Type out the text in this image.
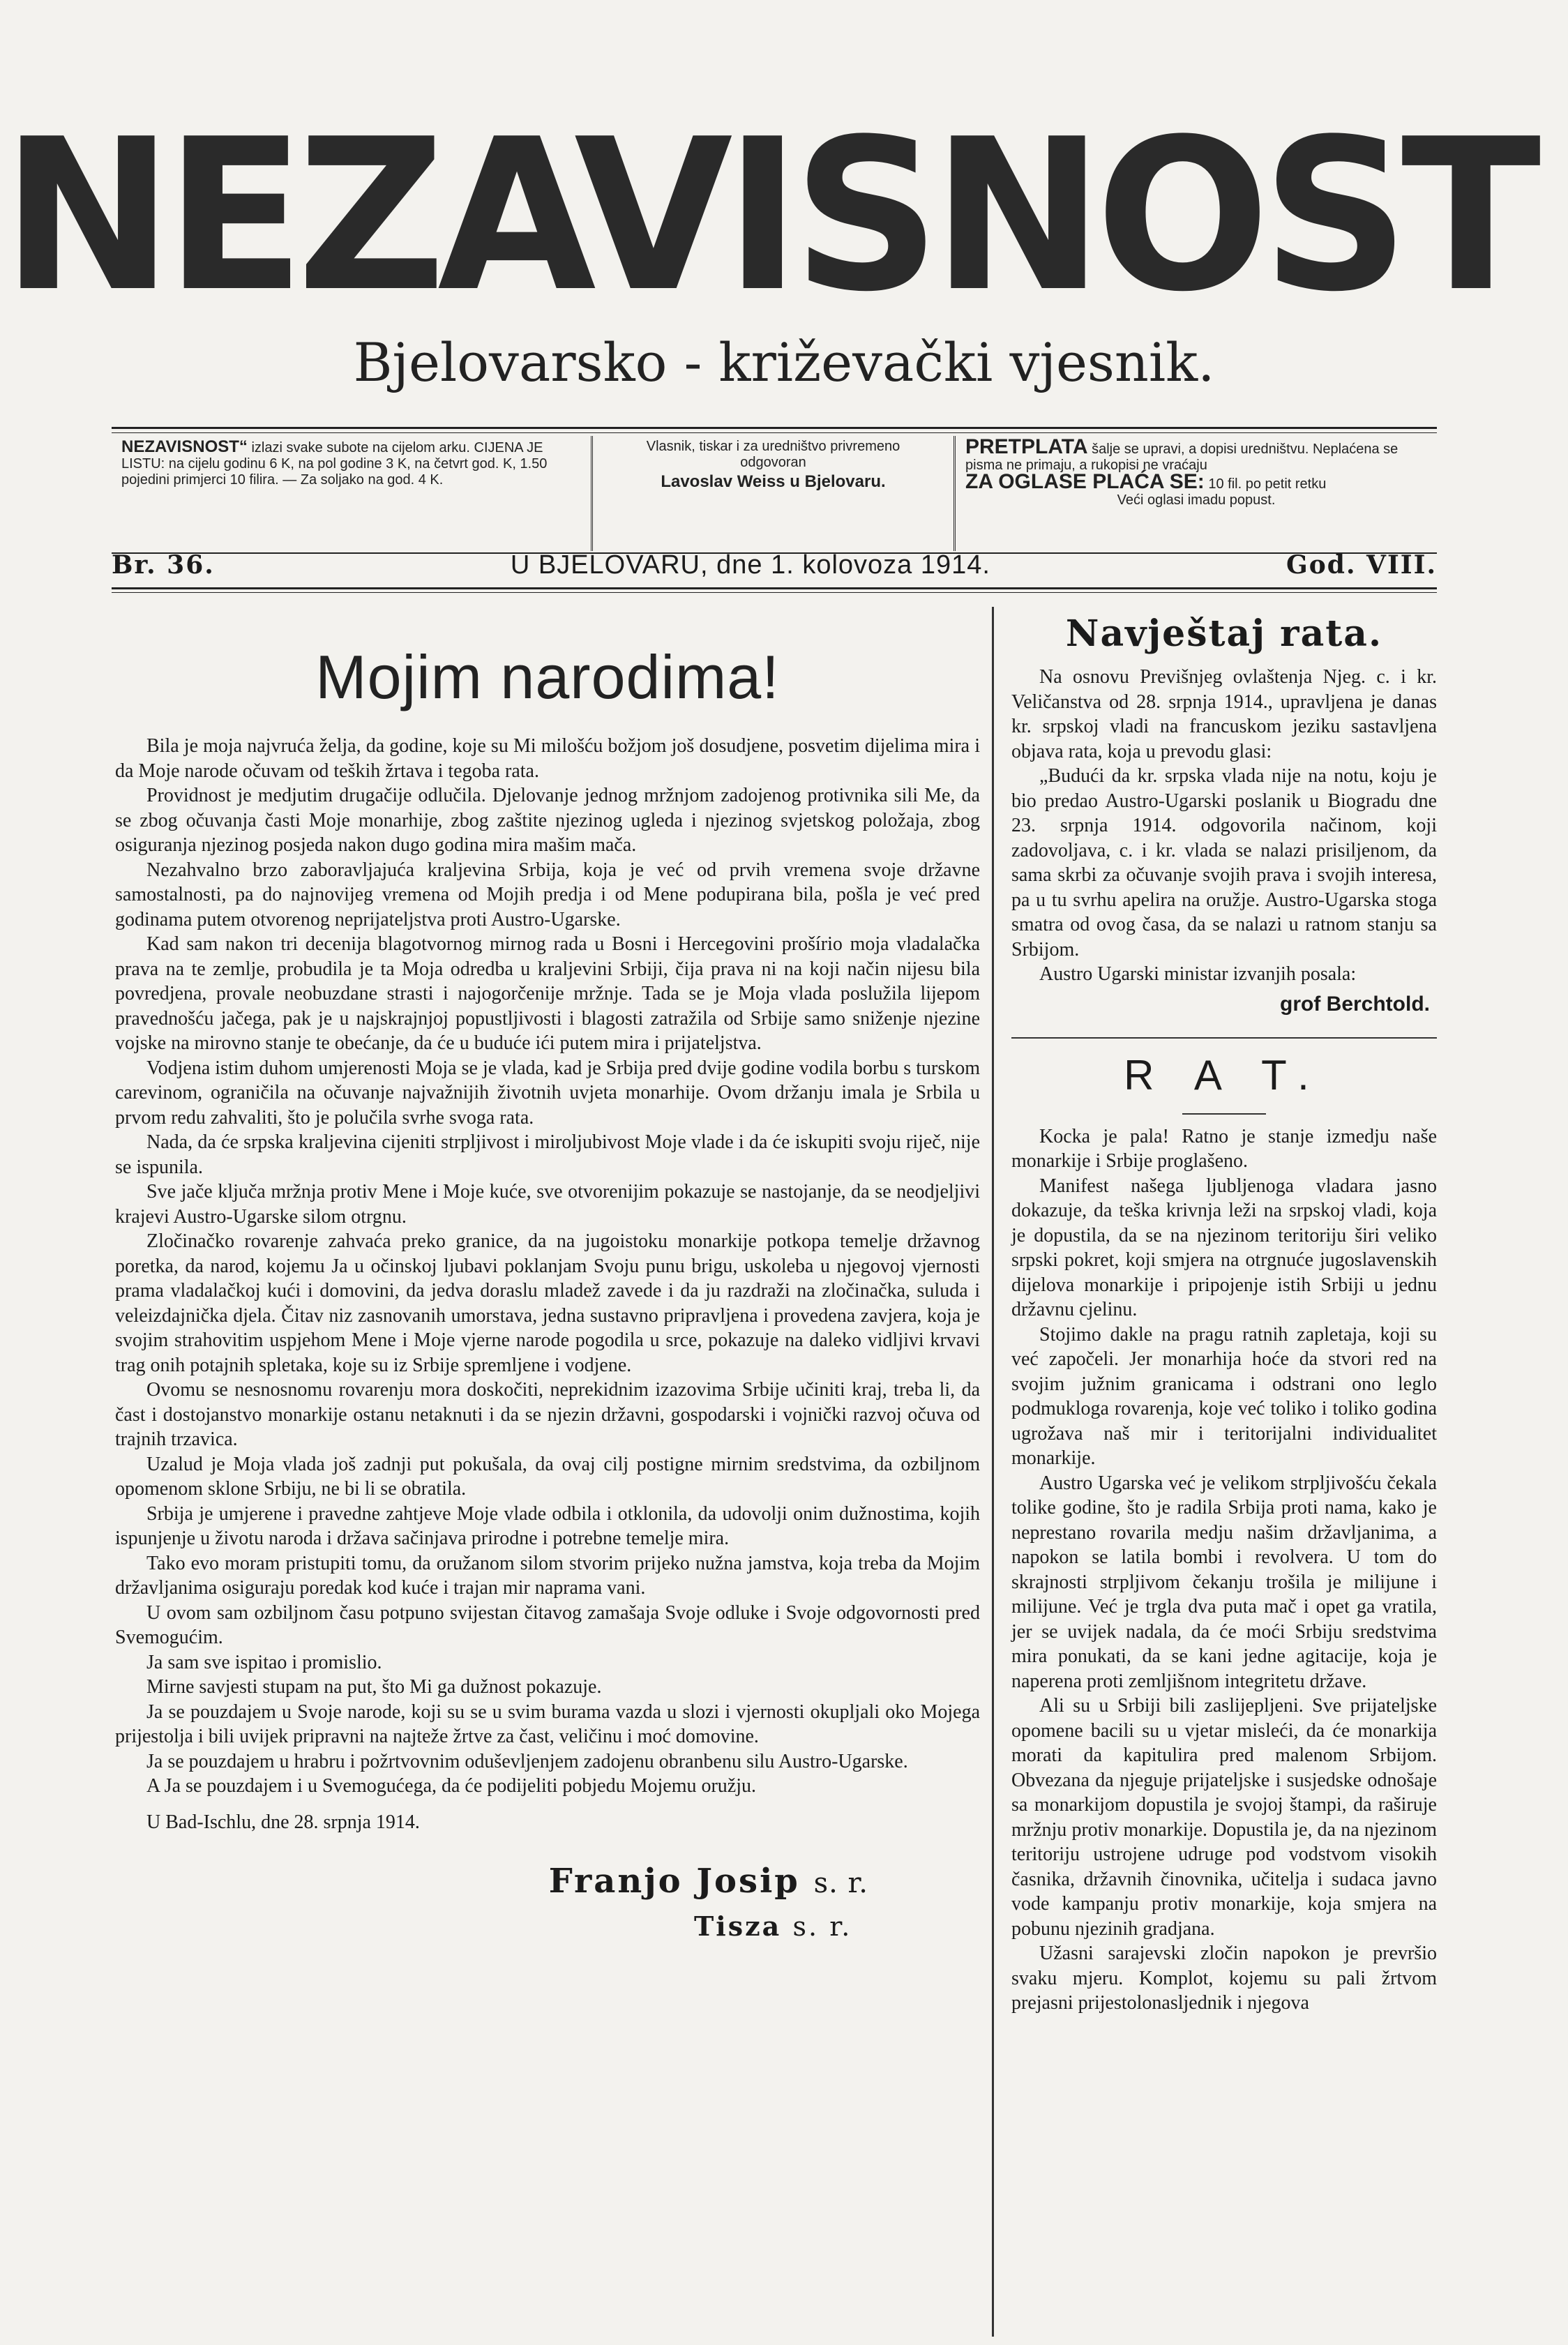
NEZAVISNOST
Bjelovarsko - križevački vjesnik.
NEZAVISNOST“ izlazi svake subote na cijelom arku. CIJENA JE LISTU: na cijelu godinu 6 K, na pol godine 3 K, na četvrt god. K, 1.50 pojedini primjerci 10 filira. — Za soljako na god. 4 K.
Vlasnik, tiskar i za uredništvo privremeno
odgovoran
Lavoslav Weiss u Bjelovaru.
PRETPLATA šalje se upravi, a dopisi uredništvu. Neplaćena se pisma ne primaju, a rukopisi ne vraćaju
ZA OGLASE PLAĆA SE: 10 fil. po petit retku
Veći oglasi imadu popust.
Br. 36.	U BJELOVARU, dne 1. kolovoza 1914.	God. VIII.
Mojim narodima!

Bila je moja najvruća želja, da godine, koje su Mi milošću božjom još dosudjene, posvetim dijelima mira i da Moje narode očuvam od teških žrtava i tegoba rata.

Providnost je medjutim drugačije odlučila. Djelovanje jednog mržnjom zadojenog protivnika sili Me, da se zbog očuvanja časti Moje monarhije, zbog zaštite njezinog ugleda i njezinog svjetskog položaja, zbog osiguranja njezinog posjeda nakon dugo godina mira mašim mača.

Nezahvalno brzo zaboravljajuća kraljevina Srbija, koja je već od prvih vremena svoje državne samostalnosti, pa do najnovijeg vremena od Mojih predja i od Mene podupirana bila, pošla je već pred godinama putem otvorenog neprijateljstva proti Austro-Ugarske.

Kad sam nakon tri decenija blagotvornog mirnog rada u Bosni i Hercegovini prošírio moja vladalačka prava na te zemlje, probudila je ta Moja odredba u kraljevini Srbiji, čija prava ni na koji način nijesu bila povredjena, provale neobuzdane strasti i najogorčenije mržnje. Tada se je Moja vlada poslužila lijepom pravednošću jačega, pak je u najskrajnjoj popustljivosti i blagosti zatražila od Srbije samo sniženje njezine vojske na mirovno stanje te obećanje, da će u buduće ići putem mira i prijateljstva.

Vodjena istim duhom umjerenosti Moja se je vlada, kad je Srbija pred dvije godine vodila borbu s turskom carevinom, ograničila na očuvanje najvažnijih životnih uvjeta monarhije. Ovom držanju imala je Srbila u prvom redu zahvaliti, što je polučila svrhe svoga rata.

Nada, da će srpska kraljevina cijeniti strpljivost i miroljubivost Moje vlade i da će iskupiti svoju riječ, nije se ispunila.

Sve jače ključa mržnja protiv Mene i Moje kuće, sve otvorenijim pokazuje se nastojanje, da se neodjeljivi krajevi Austro-Ugarske silom otrgnu.

Zločinačko rovarenje zahvaća preko granice, da na jugoistoku monarkije potkopa temelje državnog poretka, da narod, kojemu Ja u očinskoj ljubavi poklanjam Svoju punu brigu, uskoleba u njegovoj vjernosti prama vladalačkoj kući i domovini, da jedva doraslu mladež zavede i da ju razdraži na zločinačka, suluda i veleizdajnička djela. Čitav niz zasnovanih umorstava, jedna sustavno pripravljena i provedena zavjera, koja je svojim strahovitim uspjehom Mene i Moje vjerne narode pogodila u srce, pokazuje na daleko vidljivi krvavi trag onih potajnih spletaka, koje su iz Srbije spremljene i vodjene.

Ovomu se nesnosnomu rovarenju mora doskočiti, neprekidnim izazovima Srbije učiniti kraj, treba li, da čast i dostojanstvo monarkije ostanu netaknuti i da se njezin državni, gospodarski i vojnički razvoj očuva od trajnih trzavica.

Uzalud je Moja vlada još zadnji put pokušala, da ovaj cilj postigne mirnim sredstvima, da ozbiljnom opomenom sklone Srbiju, ne bi li se obratila.

Srbija je umjerene i pravedne zahtjeve Moje vlade odbila i otklonila, da udovolji onim dužnostima, kojih ispunjenje u životu naroda i država sačinjava prirodne i potrebne temelje mira.

Tako evo moram pristupiti tomu, da oružanom silom stvorim prijeko nužna jamstva, koja treba da Mojim državljanima osiguraju poredak kod kuće i trajan mir naprama vani.

U ovom sam ozbiljnom času potpuno svijestan čitavog zamašaja Svoje odluke i Svoje odgovornosti pred Svemogućim.

Ja sam sve ispitao i promislio.

Mirne savjesti stupam na put, što Mi ga dužnost pokazuje.

Ja se pouzdajem u Svoje narode, koji su se u svim burama vazda u slozi i vjernosti okupljali oko Mojega prijestolja i bili uvijek pripravni na najteže žrtve za čast, veličinu i moć domovine.

Ja se pouzdajem u hrabru i požrtvovnim oduševljenjem zadojenu obranbenu silu Austro-Ugarske.

A Ja se pouzdajem i u Svemogućega, da će podijeliti pobjedu Mojemu oružju.

U Bad-Ischlu, dne 28. srpnja 1914.
Franjo Josip s. r.
Tisza s. r.
Navještaj rata.

Na osnovu Previšnjeg ovlaštenja Njeg. c. i kr. Veličanstva od 28. srpnja 1914., upravljena je danas kr. srpskoj vladi na francuskom jeziku sastavljena objava rata, koja u prevodu glasi:

„Budući da kr. srpska vlada nije na notu, koju je bio predao Austro-Ugarski poslanik u Biogradu dne 23. srpnja 1914. odgovorila načinom, koji zadovoljava, c. i kr. vlada se nalazi prisiljenom, da sama skrbi za očuvanje svojih prava i svojih interesa, pa u tu svrhu apelira na oružje. Austro-Ugarska stoga smatra od ovog časa, da se nalazi u ratnom stanju sa Srbijom.

Austro Ugarski ministar izvanjih posala:

grof Berchtold.
R A T.

Kocka je pala! Ratno je stanje izmedju naše monarkije i Srbije proglašeno.

Manifest našega ljubljenoga vladara jasno dokazuje, da teška krivnja leži na srpskoj vladi, koja je dopustila, da se na njezinom teritoriju širi veliko srpski pokret, koji smjera na otrgnuće jugoslavenskih dijelova monarkije i pripojenje istih Srbiji u jednu državnu cjelinu.

Stojimo dakle na pragu ratnih zapletaja, koji su već započeli. Jer monarhija hoće da stvori red na svojim južnim granicama i odstrani ono leglo podmukloga rovarenja, koje već toliko i toliko godina ugrožava naš mir i teritorijalni individualitet monarkije.

Austro Ugarska već je velikom strpljivošću čekala tolike godine, što je radila Srbija proti nama, kako je neprestano rovarila medju našim državljanima, a napokon se latila bombi i revolvera. U tom do skrajnosti strpljivom čekanju trošila je milijune i milijune. Već je trgla dva puta mač i opet ga vratila, jer se uvijek nadala, da će moći Srbiju sredstvima mira ponukati, da se kani jedne agitacije, koja je naperena proti zemljišnom integritetu države.

Ali su u Srbiji bili zaslijepljeni. Sve prijateljske opomene bacili su u vjetar misleći, da će monarkija morati da kapitulira pred malenom Srbijom. Obvezana da njegujе prijateljske i susjedske odnošaje sa monarkijom dopustila je svojoj štampi, da raširuje mržnju protiv monarkije. Dopustila je, da na njezinom teritoriju ustrojene udruge pod vodstvom visokih časnika, državnih činovnika, učitelja i sudaca javno vode kampanju protiv monarkije, koja smjera na pobunu njezinih gradjana.

Užasni sarajevski zločin napokon je prevršio svaku mjeru. Komplot, kojemu su pali žrtvom prejasni prijestolonasljednik i njegova
